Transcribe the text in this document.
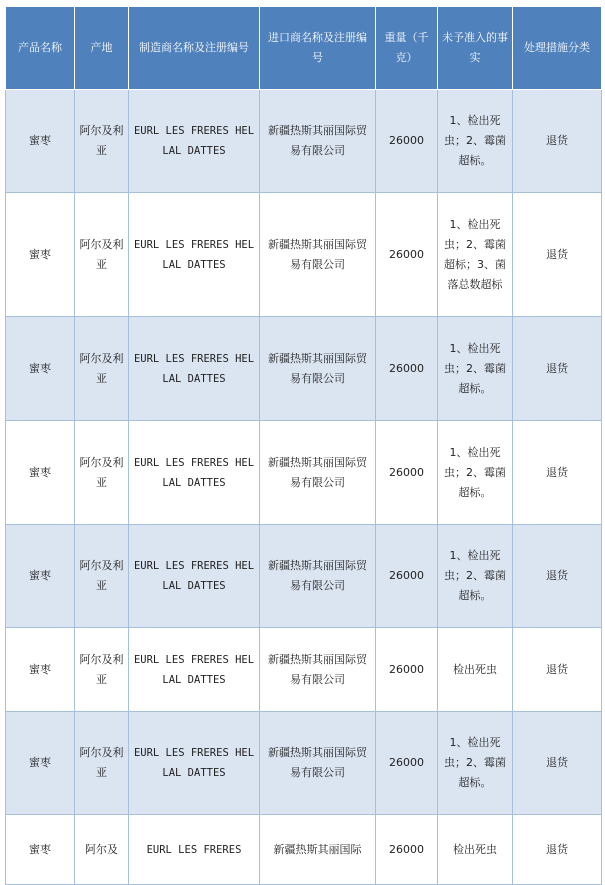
产品名称	产地	制造商名称及注册编号	进口商名称及注册编号	重量（千克）	未予准入的事实	处理措施分类
蜜枣	阿尔及利亚	EURL LES FRERES HELLAL DATTES	新疆热斯其丽国际贸易有限公司	26000	1、检出死虫；2、霉菌超标。	退货
蜜枣	阿尔及利亚	EURL LES FRERES HELLAL DATTES	新疆热斯其丽国际贸易有限公司	26000	1、检出死虫；2、霉菌超标；3、菌落总数超标	退货
蜜枣	阿尔及利亚	EURL LES FRERES HELLAL DATTES	新疆热斯其丽国际贸易有限公司	26000	1、检出死虫；2、霉菌超标。	退货
蜜枣	阿尔及利亚	EURL LES FRERES HELLAL DATTES	新疆热斯其丽国际贸易有限公司	26000	1、检出死虫；2、霉菌超标。	退货
蜜枣	阿尔及利亚	EURL LES FRERES HELLAL DATTES	新疆热斯其丽国际贸易有限公司	26000	1、检出死虫；2、霉菌超标。	退货
蜜枣	阿尔及利亚	EURL LES FRERES HELLAL DATTES	新疆热斯其丽国际贸易有限公司	26000	检出死虫	退货
蜜枣	阿尔及利亚	EURL LES FRERES HELLAL DATTES	新疆热斯其丽国际贸易有限公司	26000	1、检出死虫；2、霉菌超标。	退货
蜜枣	阿尔及	EURL LES FRERES	新疆热斯其丽国际	26000	检出死虫	退货
